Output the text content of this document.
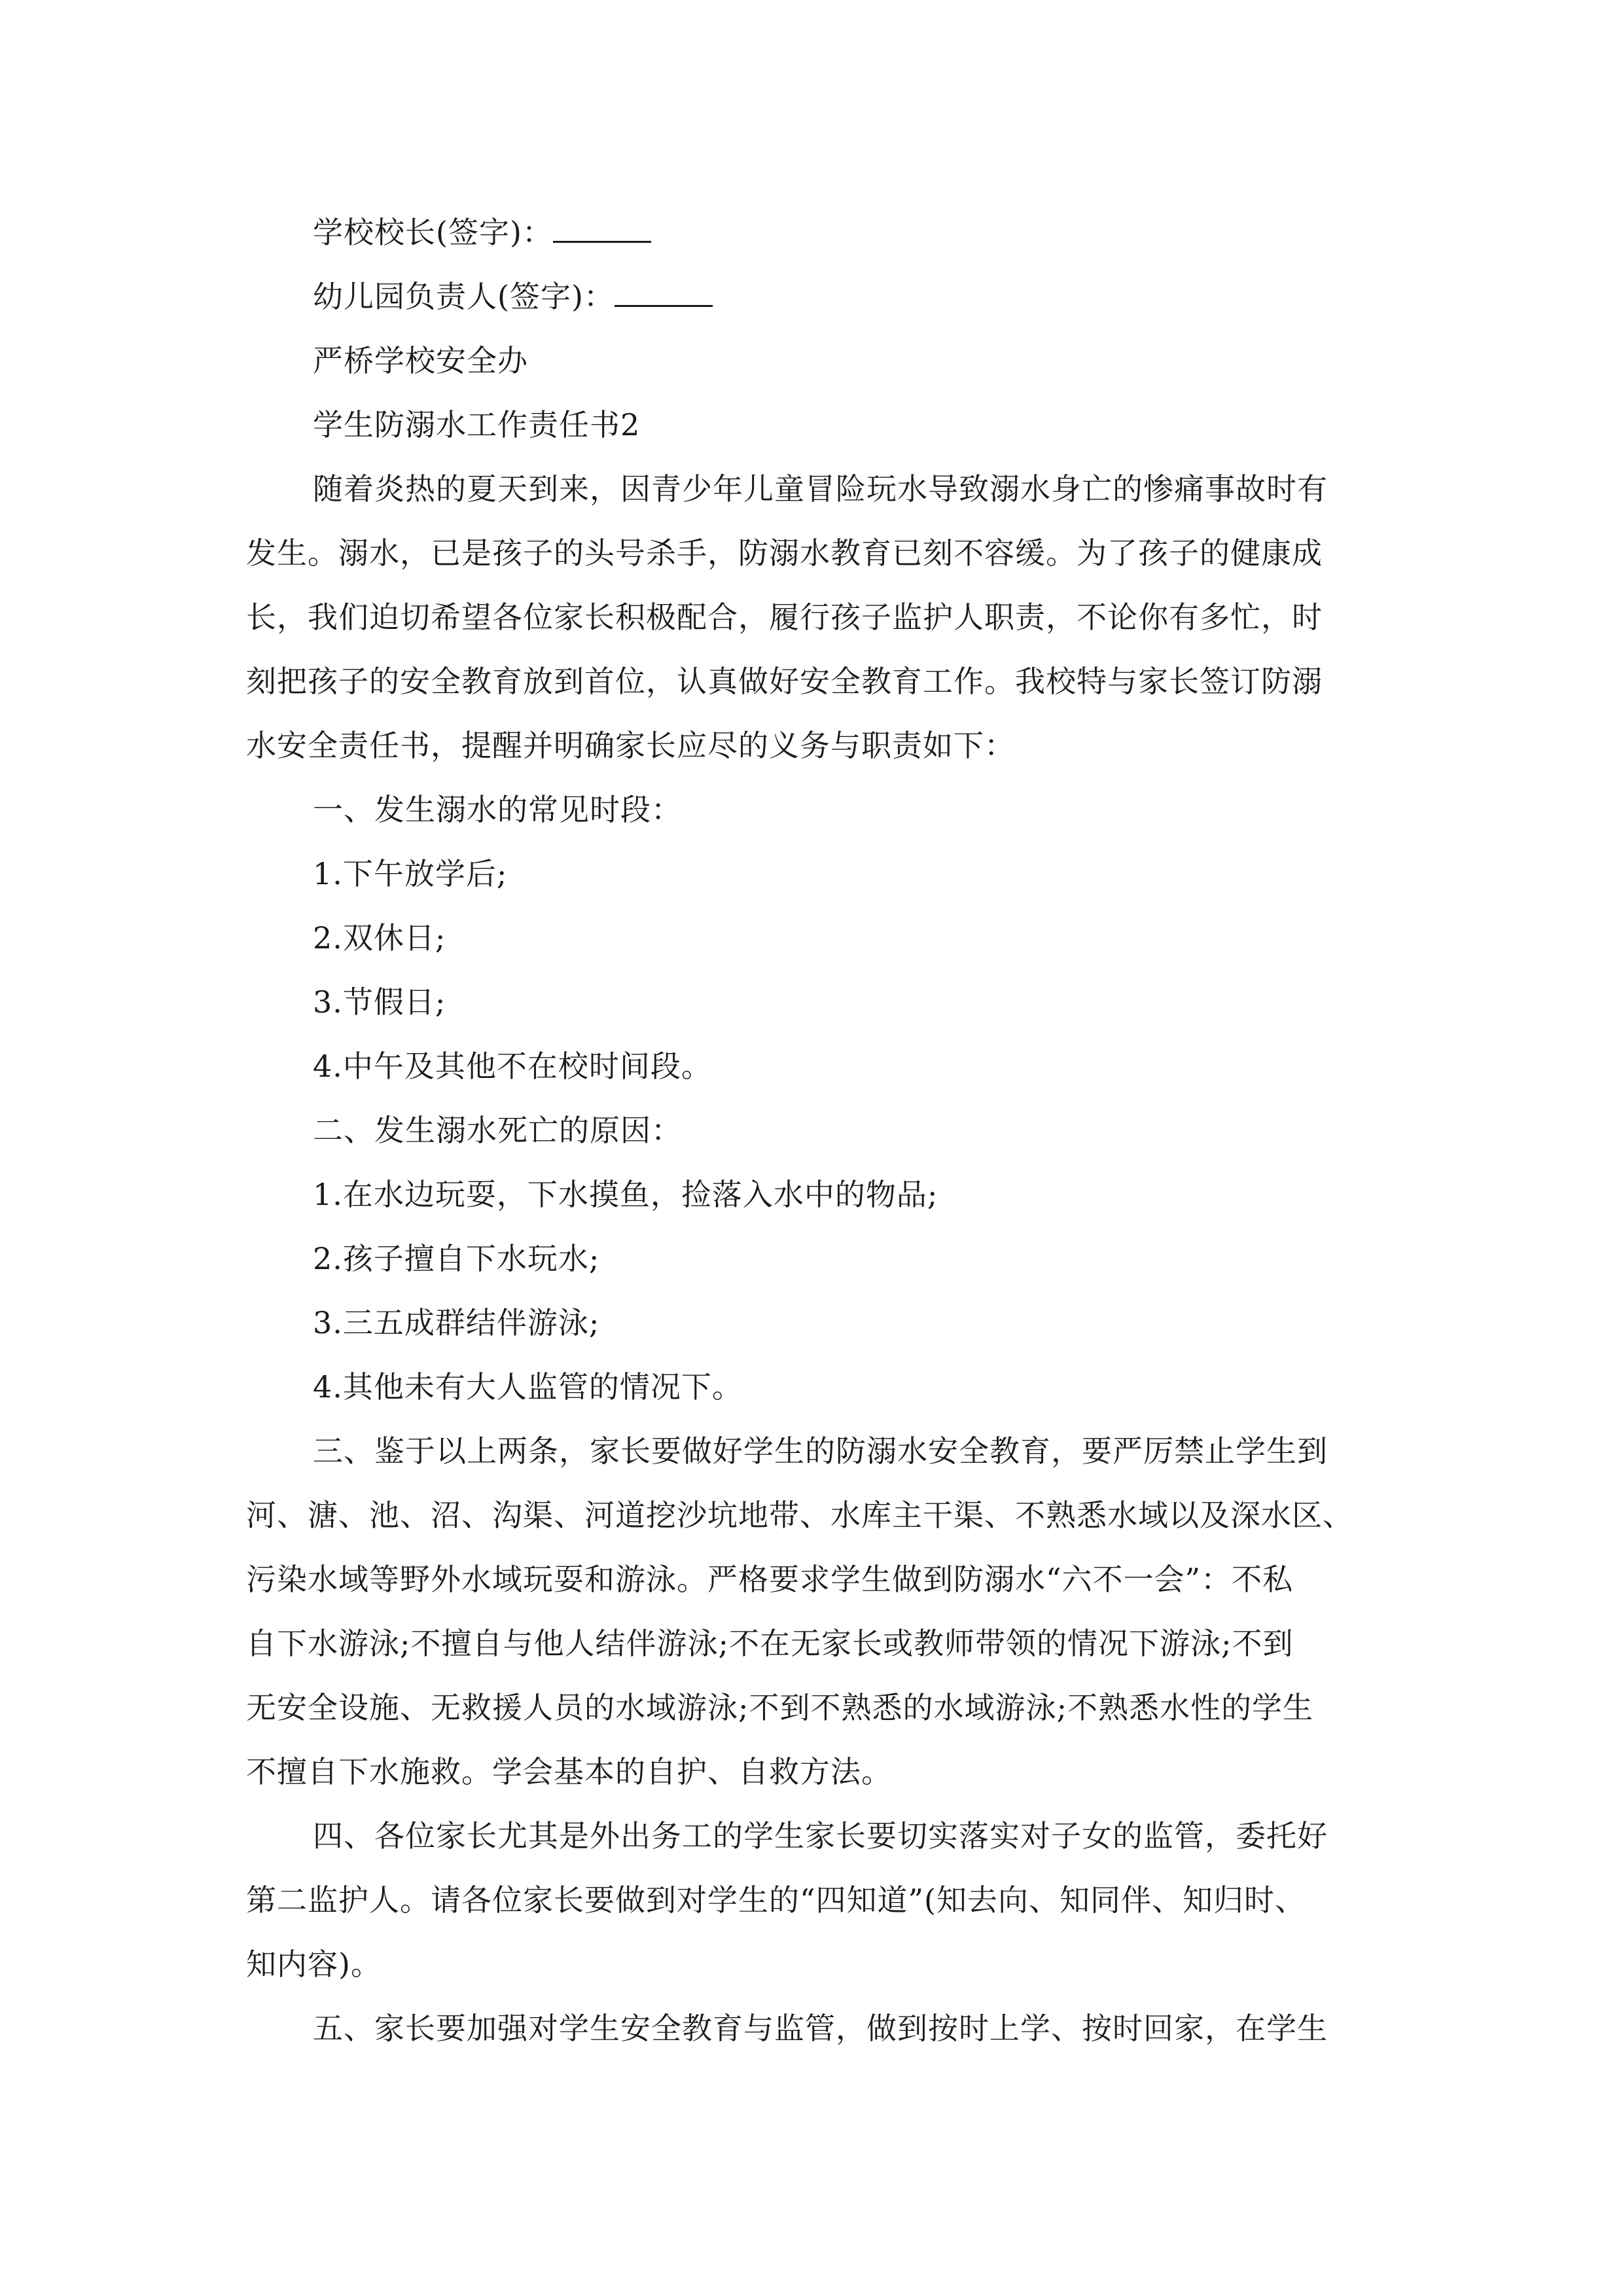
学校校长(签字)：
幼儿园负责人(签字)：
严桥学校安全办
学生防溺水工作责任书2
随着炎热的夏天到来，因青少年儿童冒险玩水导致溺水身亡的惨痛事故时有
发生。溺水，已是孩子的头号杀手，防溺水教育已刻不容缓。为了孩子的健康成
长，我们迫切希望各位家长积极配合，履行孩子监护人职责，不论你有多忙，时
刻把孩子的安全教育放到首位，认真做好安全教育工作。我校特与家长签订防溺
水安全责任书，提醒并明确家长应尽的义务与职责如下：
一、发生溺水的常见时段：
1.下午放学后;
2.双休日;
3.节假日;
4.中午及其他不在校时间段。
二、发生溺水死亡的原因：
1.在水边玩耍，下水摸鱼，捡落入水中的物品;
2.孩子擅自下水玩水;
3.三五成群结伴游泳;
4.其他未有大人监管的情况下。
三、鉴于以上两条，家长要做好学生的防溺水安全教育，要严厉禁止学生到
河、溏、池、沼、沟渠、河道挖沙坑地带、水库主干渠、不熟悉水域以及深水区、
污染水域等野外水域玩耍和游泳。严格要求学生做到防溺水“六不一会”：不私
自下水游泳;不擅自与他人结伴游泳;不在无家长或教师带领的情况下游泳;不到
无安全设施、无救援人员的水域游泳;不到不熟悉的水域游泳;不熟悉水性的学生
不擅自下水施救。学会基本的自护、自救方法。
四、各位家长尤其是外出务工的学生家长要切实落实对子女的监管，委托好
第二监护人。请各位家长要做到对学生的“四知道”(知去向、知同伴、知归时、
知内容)。
五、家长要加强对学生安全教育与监管，做到按时上学、按时回家，在学生
